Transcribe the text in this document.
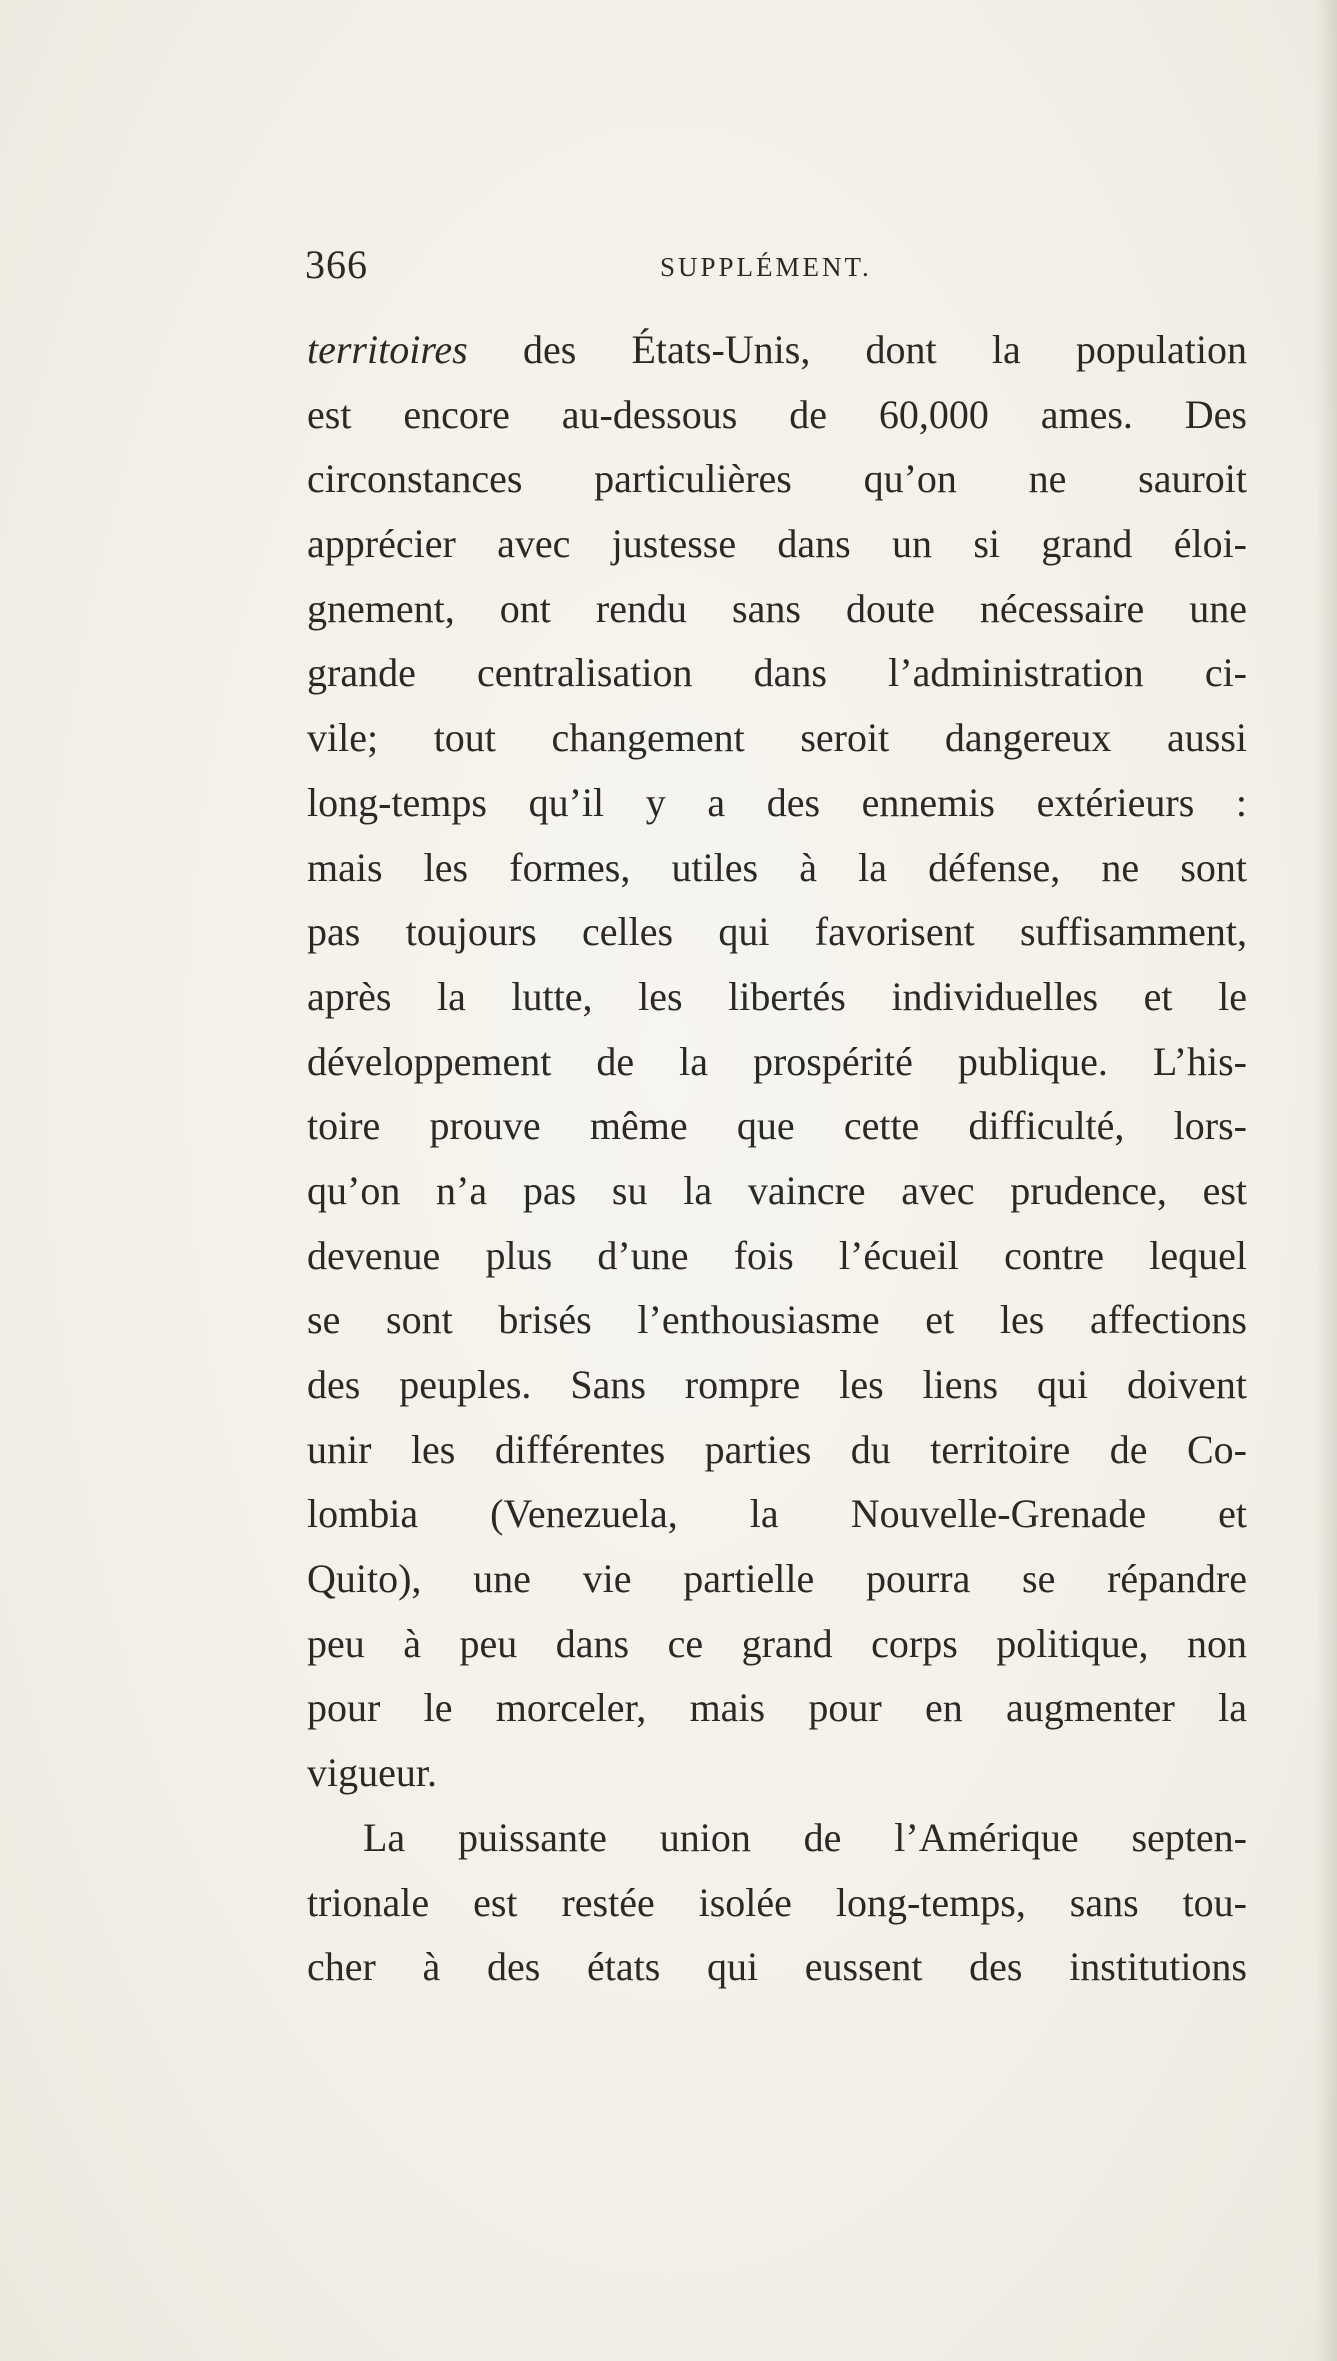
366	SUPPLÉMENT.
territoires des États-Unis, dont la population
est encore au-dessous de 60,000 ames. Des
circonstances particulières qu’on ne sauroit
apprécier avec justesse dans un si grand éloi-
gnement, ont rendu sans doute nécessaire une
grande centralisation dans l’administration ci-
vile; tout changement seroit dangereux aussi
long-temps qu’il y a des ennemis extérieurs :
mais les formes, utiles à la défense, ne sont
pas toujours celles qui favorisent suffisamment,
après la lutte, les libertés individuelles et le
développement de la prospérité publique. L’his-
toire prouve même que cette difficulté, lors-
qu’on n’a pas su la vaincre avec prudence, est
devenue plus d’une fois l’écueil contre lequel
se sont brisés l’enthousiasme et les affections
des peuples. Sans rompre les liens qui doivent
unir les différentes parties du territoire de Co-
lombia (Venezuela, la Nouvelle-Grenade et
Quito), une vie partielle pourra se répandre
peu à peu dans ce grand corps politique, non
pour le morceler, mais pour en augmenter la
vigueur.
La puissante union de l’Amérique septen-
trionale est restée isolée long-temps, sans tou-
cher à des états qui eussent des institutions
